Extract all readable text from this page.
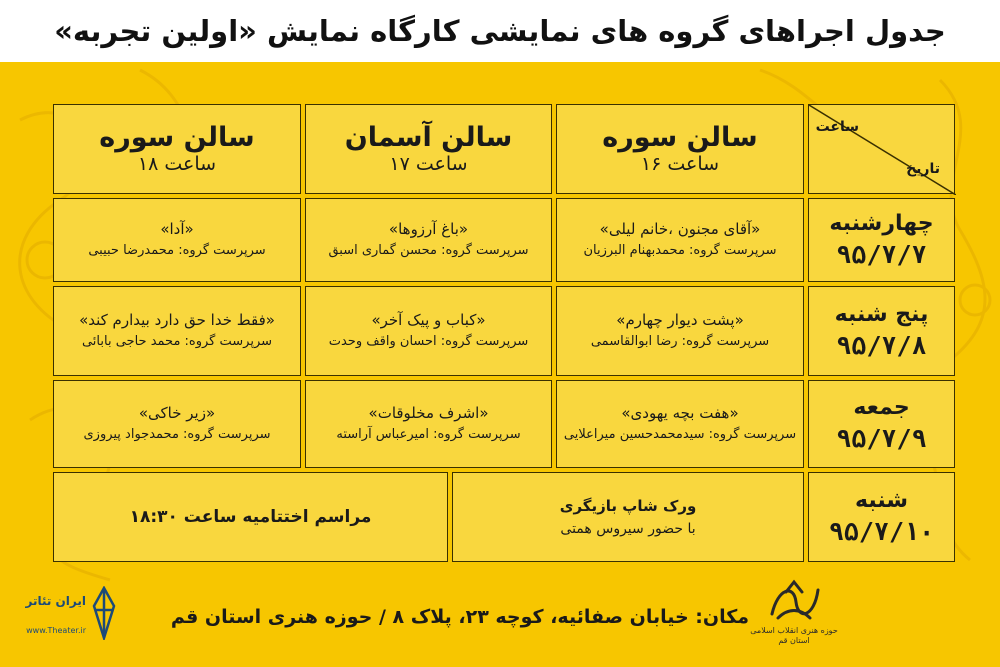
جدول اجراهای گروه های نمایشی کارگاه نمایش «اولین تجربه»
ساعت
تاریخ
سالن سوره
ساعت ۱۶
سالن آسمان
ساعت ۱۷
سالن سوره
ساعت ۱۸
چهارشنبه
۹۵/۷/۷
پنج شنبه
۹۵/۷/۸
جمعه
۹۵/۷/۹
شنبه
۹۵/۷/۱۰
«آقای مجنون ،خانم لیلی»
سرپرست گروه: محمدبهنام البرزیان
«باغ آرزوها»
سرپرست گروه: محسن گماری اسبق
«آدا»
سرپرست گروه: محمدرضا حبیبی
«پشت دیوار چهارم»
سرپرست گروه: رضا ابوالقاسمی
«کباب و پیک آخر»
سرپرست گروه: احسان واقف وحدت
«فقط خدا حق دارد بیدارم کند»
سرپرست گروه: محمد حاجی بابائی
«هفت بچه یهودی»
سرپرست گروه: سیدمحمدحسین میراعلایی
«اشرف مخلوقات»
سرپرست گروه: امیرعباس آراسته
«زیر خاکی»
سرپرست گروه: محمدجواد پیروزی
ورک شاپ بازیگری
با حضور سیروس همتی
مراسم اختتامیه ساعت ۱۸:۳۰
مکان: خیابان صفائیه، کوچه ۲۳، پلاک ۸ / حوزه هنری استان قم
حوزه هنری انقلاب اسلامی
استان قم
ایران تئاتر
www.Theater.ir
